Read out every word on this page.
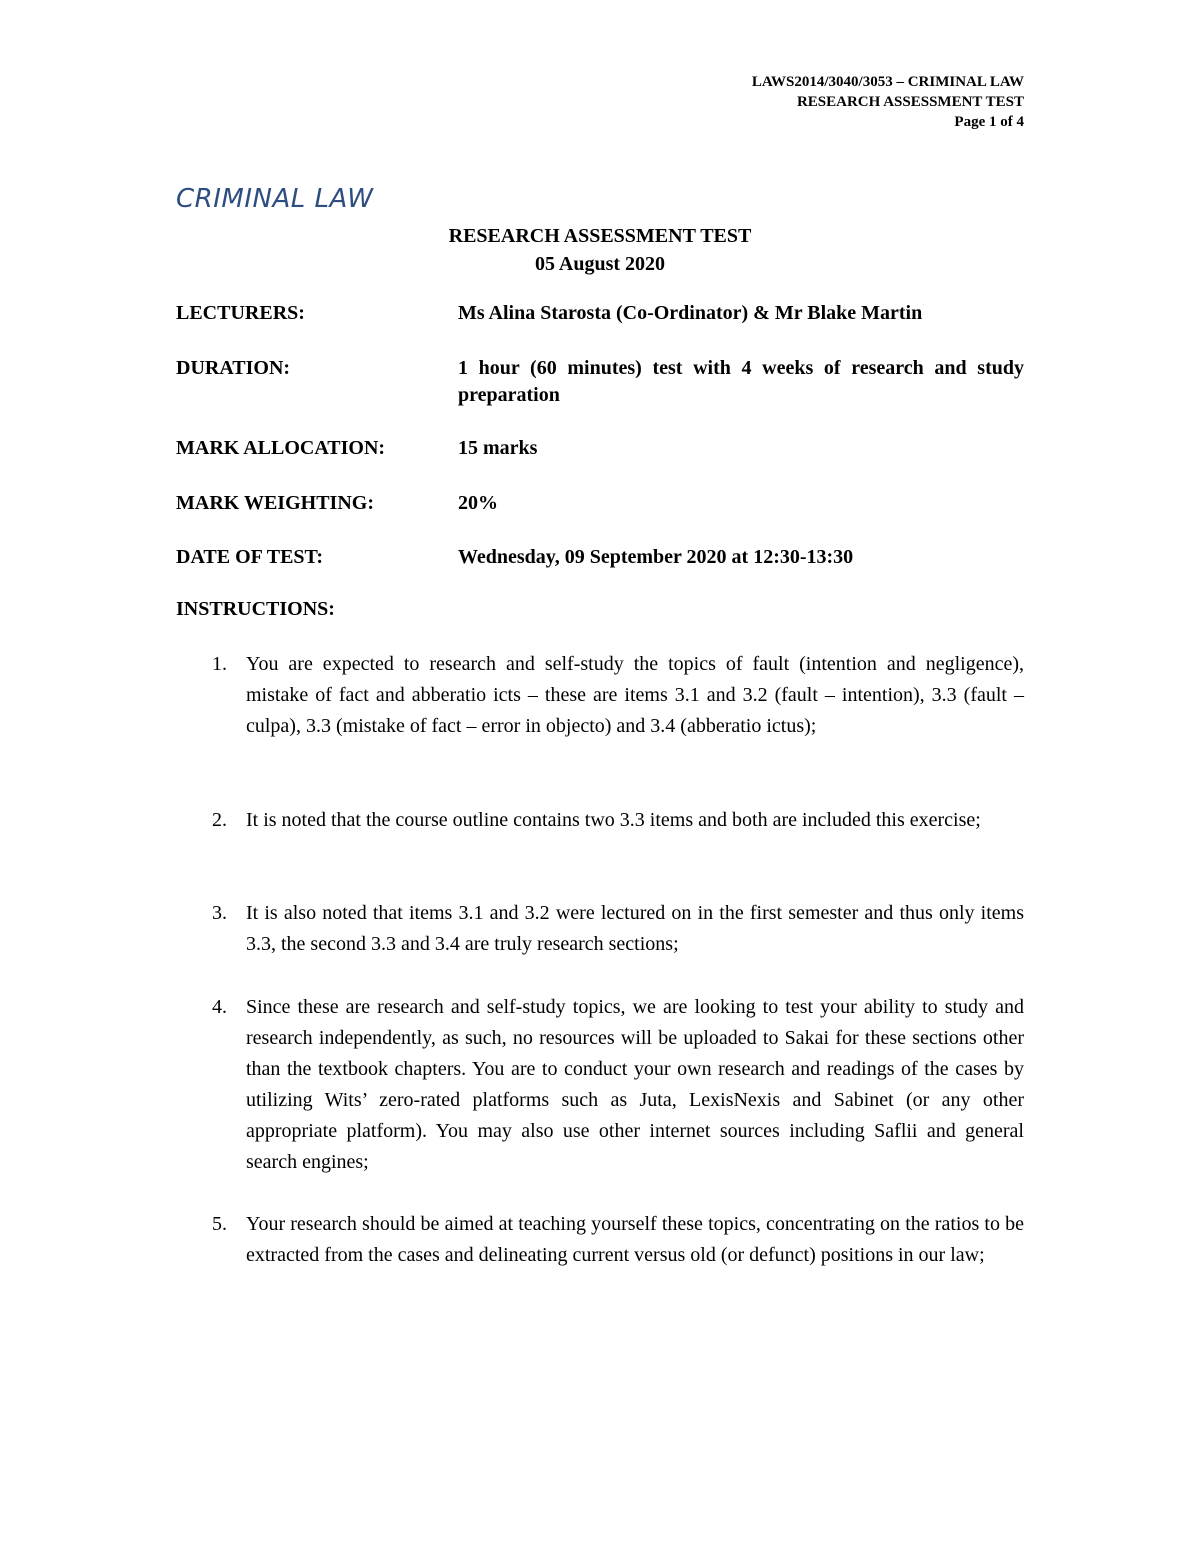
LAWS2014/3040/3053 – CRIMINAL LAW
RESEARCH ASSESSMENT TEST
Page 1 of 4
CRIMINAL LAW
RESEARCH ASSESSMENT TEST
05 August 2020
LECTURERS:	Ms Alina Starosta (Co-Ordinator) & Mr Blake Martin
DURATION:	1 hour (60 minutes) test with 4 weeks of research and study preparation
MARK ALLOCATION:	15 marks
MARK WEIGHTING:	20%
DATE OF TEST:	Wednesday, 09 September 2020 at 12:30-13:30
INSTRUCTIONS:
1. You are expected to research and self-study the topics of fault (intention and negligence), mistake of fact and abberatio icts – these are items 3.1 and 3.2 (fault – intention), 3.3 (fault – culpa), 3.3 (mistake of fact – error in objecto) and 3.4 (abberatio ictus);
2. It is noted that the course outline contains two 3.3 items and both are included this exercise;
3. It is also noted that items 3.1 and 3.2 were lectured on in the first semester and thus only items 3.3, the second 3.3 and 3.4 are truly research sections;
4. Since these are research and self-study topics, we are looking to test your ability to study and research independently, as such, no resources will be uploaded to Sakai for these sections other than the textbook chapters. You are to conduct your own research and readings of the cases by utilizing Wits’ zero-rated platforms such as Juta, LexisNexis and Sabinet (or any other appropriate platform). You may also use other internet sources including Saflii and general search engines;
5. Your research should be aimed at teaching yourself these topics, concentrating on the ratios to be extracted from the cases and delineating current versus old (or defunct) positions in our law;
